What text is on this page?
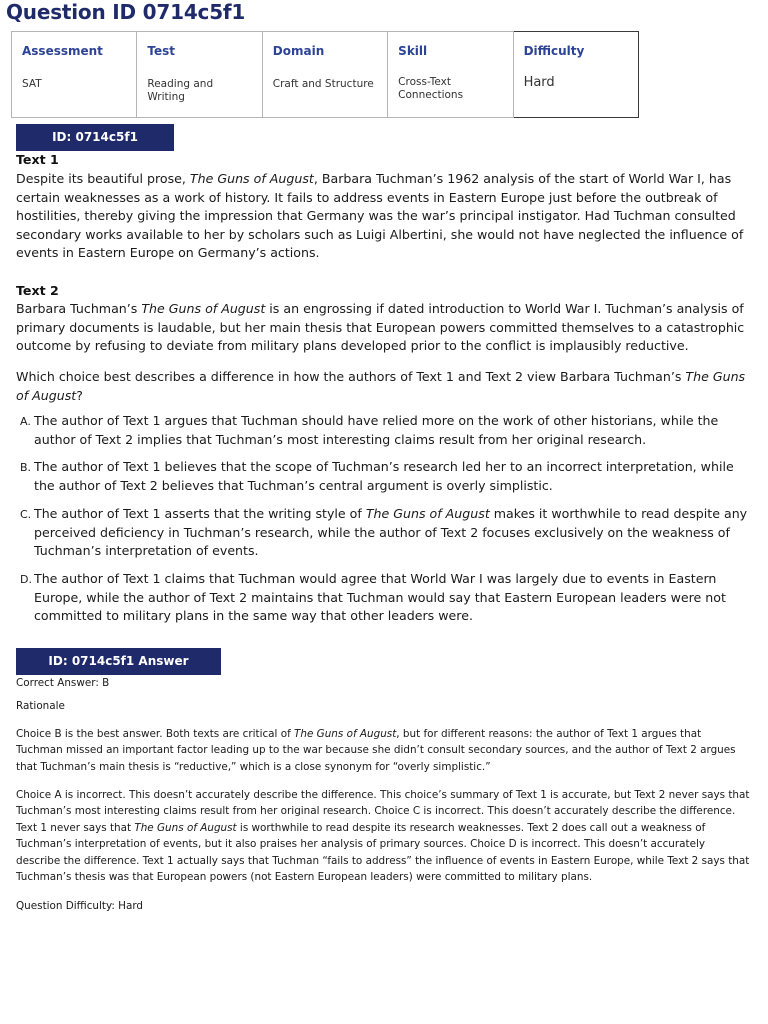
Question ID 0714c5f1
Assessment
SAT

Test
Reading and Writing

Domain
Craft and Structure

Skill
Cross-Text Connections

Difficulty
Hard
ID: 0714c5f1
Text 1

Despite its beautiful prose, The Guns of August, Barbara Tuchman’s 1962 analysis of the start of World War I, has certain weaknesses as a work of history. It fails to address events in Eastern Europe just before the outbreak of hostilities, thereby giving the impression that Germany was the war’s principal instigator. Had Tuchman consulted secondary works available to her by scholars such as Luigi Albertini, she would not have neglected the influence of events in Eastern Europe on Germany’s actions.

Text 2

Barbara Tuchman’s The Guns of August is an engrossing if dated introduction to World War I. Tuchman’s analysis of primary documents is laudable, but her main thesis that European powers committed themselves to a catastrophic outcome by refusing to deviate from military plans developed prior to the conflict is implausibly reductive.

Which choice best describes a difference in how the authors of Text 1 and Text 2 view Barbara Tuchman’s The Guns of August?

A. The author of Text 1 argues that Tuchman should have relied more on the work of other historians, while the author of Text 2 implies that Tuchman’s most interesting claims result from her original research.
B. The author of Text 1 believes that the scope of Tuchman’s research led her to an incorrect interpretation, while the author of Text 2 believes that Tuchman’s central argument is overly simplistic.
C. The author of Text 1 asserts that the writing style of The Guns of August makes it worthwhile to read despite any perceived deficiency in Tuchman’s research, while the author of Text 2 focuses exclusively on the weakness of Tuchman’s interpretation of events.
D. The author of Text 1 claims that Tuchman would agree that World War I was largely due to events in Eastern Europe, while the author of Text 2 maintains that Tuchman would say that Eastern European leaders were not committed to military plans in the same way that other leaders were.
ID: 0714c5f1 Answer
Correct Answer: B
Rationale

Choice B is the best answer. Both texts are critical of The Guns of August, but for different reasons: the author of Text 1 argues that Tuchman missed an important factor leading up to the war because she didn’t consult secondary sources, and the author of Text 2 argues that Tuchman’s main thesis is “reductive,” which is a close synonym for “overly simplistic.”

Choice A is incorrect. This doesn’t accurately describe the difference. This choice’s summary of Text 1 is accurate, but Text 2 never says that Tuchman’s most interesting claims result from her original research. Choice C is incorrect. This doesn’t accurately describe the difference. Text 1 never says that The Guns of August is worthwhile to read despite its research weaknesses. Text 2 does call out a weakness of Tuchman’s interpretation of events, but it also praises her analysis of primary sources. Choice D is incorrect. This doesn’t accurately describe the difference. Text 1 actually says that Tuchman “fails to address” the influence of events in Eastern Europe, while Text 2 says that Tuchman’s thesis was that European powers (not Eastern European leaders) were committed to military plans.

Question Difficulty: Hard
